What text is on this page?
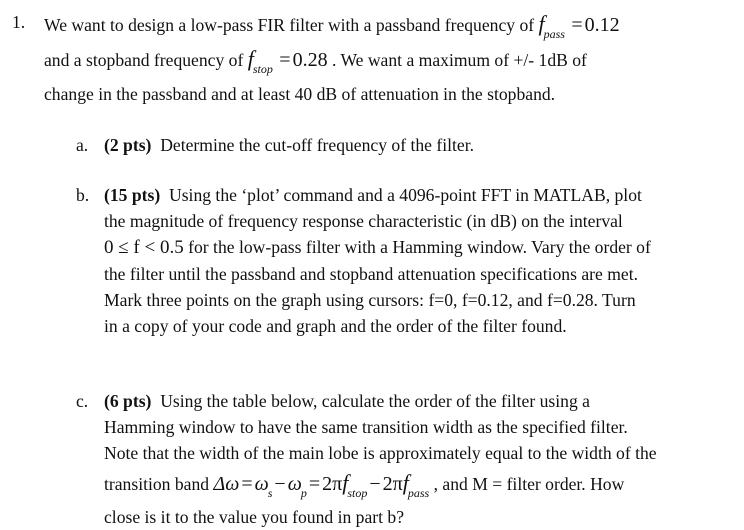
1. We want to design a low-pass FIR filter with a passband frequency of $f_{pass} = 0.12$
and a stopband frequency of $f_{stop} = 0.28$ . We want a maximum of +/- 1dB of
change in the passband and at least 40 dB of attenuation in the stopband.
a. (2 pts) Determine the cut-off frequency of the filter.
b. (15 pts) Using the ‘plot’ command and a 4096-point FFT in MATLAB, plot
the magnitude of frequency response characteristic (in dB) on the interval
0 ≤ f < 0.5 for the low-pass filter with a Hamming window. Vary the order of
the filter until the passband and stopband attenuation specifications are met.
Mark three points on the graph using cursors: f=0, f=0.12, and f=0.28. Turn
in a copy of your code and graph and the order of the filter found.
c. (6 pts) Using the table below, calculate the order of the filter using a
Hamming window to have the same transition width as the specified filter.
Note that the width of the main lobe is approximately equal to the width of the
transition band $\Delta\omega = \omega_s - \omega_p = 2\pi f_{stop} - 2\pi f_{pass}$ , and M = filter order. How
close is it to the value you found in part b?
